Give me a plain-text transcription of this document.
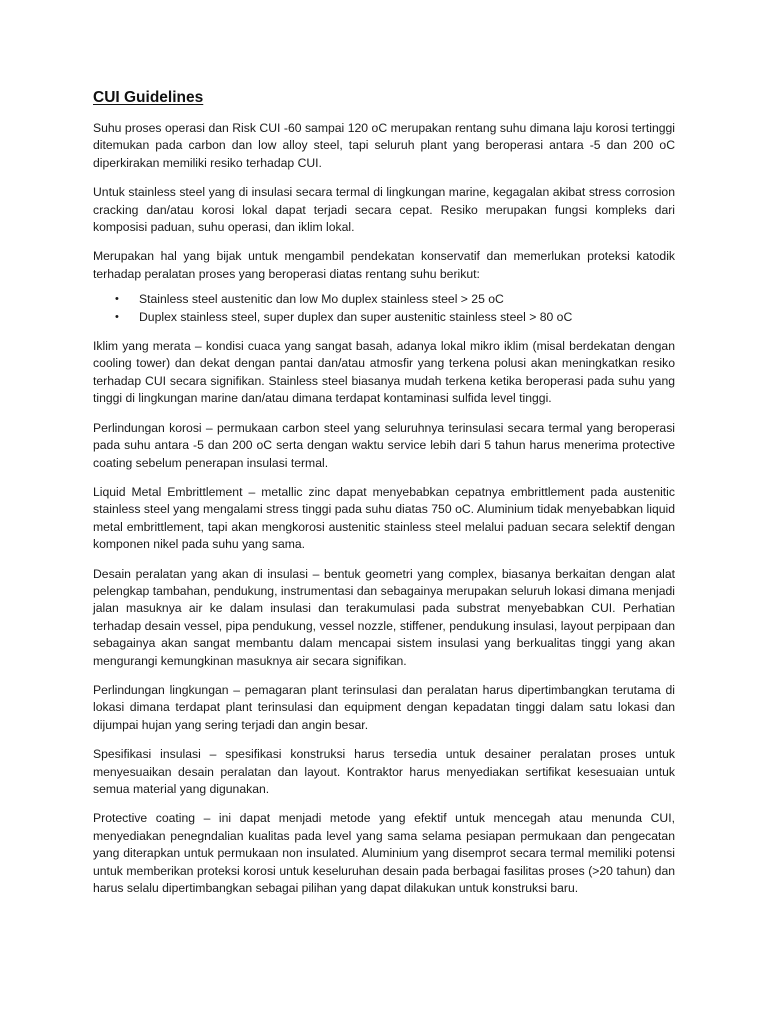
CUI Guidelines

Suhu proses operasi dan Risk CUI -60 sampai 120 oC merupakan rentang suhu dimana laju korosi tertinggi ditemukan pada carbon dan low alloy steel, tapi seluruh plant yang beroperasi antara -5 dan 200 oC diperkirakan memiliki resiko terhadap CUI.

Untuk stainless steel yang di insulasi secara termal di lingkungan marine, kegagalan akibat stress corrosion cracking dan/atau korosi lokal dapat terjadi secara cepat. Resiko merupakan fungsi kompleks dari komposisi paduan, suhu operasi, dan iklim lokal.

Merupakan hal yang bijak untuk mengambil pendekatan konservatif dan memerlukan proteksi katodik terhadap peralatan proses yang beroperasi diatas rentang suhu berikut:

• Stainless steel austenitic dan low Mo duplex stainless steel > 25 oC
• Duplex stainless steel, super duplex dan super austenitic stainless steel > 80 oC

Iklim yang merata – kondisi cuaca yang sangat basah, adanya lokal mikro iklim (misal berdekatan dengan cooling tower) dan dekat dengan pantai dan/atau atmosfir yang terkena polusi akan meningkatkan resiko terhadap CUI secara signifikan. Stainless steel biasanya mudah terkena ketika beroperasi pada suhu yang tinggi di lingkungan marine dan/atau dimana terdapat kontaminasi sulfida level tinggi.

Perlindungan korosi – permukaan carbon steel yang seluruhnya terinsulasi secara termal yang beroperasi pada suhu antara -5 dan 200 oC serta dengan waktu service lebih dari 5 tahun harus menerima protective coating sebelum penerapan insulasi termal.

Liquid Metal Embrittlement – metallic zinc dapat menyebabkan cepatnya embrittlement pada austenitic stainless steel yang mengalami stress tinggi pada suhu diatas 750 oC. Aluminium tidak menyebabkan liquid metal embrittlement, tapi akan mengkorosi austenitic stainless steel melalui paduan secara selektif dengan komponen nikel pada suhu yang sama.

Desain peralatan yang akan di insulasi – bentuk geometri yang complex, biasanya berkaitan dengan alat pelengkap tambahan, pendukung, instrumentasi dan sebagainya merupakan seluruh lokasi dimana menjadi jalan masuknya air ke dalam insulasi dan terakumulasi pada substrat menyebabkan CUI. Perhatian terhadap desain vessel, pipa pendukung, vessel nozzle, stiffener, pendukung insulasi, layout perpipaan dan sebagainya akan sangat membantu dalam mencapai sistem insulasi yang berkualitas tinggi yang akan mengurangi kemungkinan masuknya air secara signifikan.

Perlindungan lingkungan – pemagaran plant terinsulasi dan peralatan harus dipertimbangkan terutama di lokasi dimana terdapat plant terinsulasi dan equipment dengan kepadatan tinggi dalam satu lokasi dan dijumpai hujan yang sering terjadi dan angin besar.

Spesifikasi insulasi – spesifikasi konstruksi harus tersedia untuk desainer peralatan proses untuk menyesuaikan desain peralatan dan layout. Kontraktor harus menyediakan sertifikat kesesuaian untuk semua material yang digunakan.

Protective coating – ini dapat menjadi metode yang efektif untuk mencegah atau menunda CUI, menyediakan penegndalian kualitas pada level yang sama selama pesiapan permukaan dan pengecatan yang diterapkan untuk permukaan non insulated. Aluminium yang disemprot secara termal memiliki potensi untuk memberikan proteksi korosi untuk keseluruhan desain pada berbagai fasilitas proses (>20 tahun) dan harus selalu dipertimbangkan sebagai pilihan yang dapat dilakukan untuk konstruksi baru.
